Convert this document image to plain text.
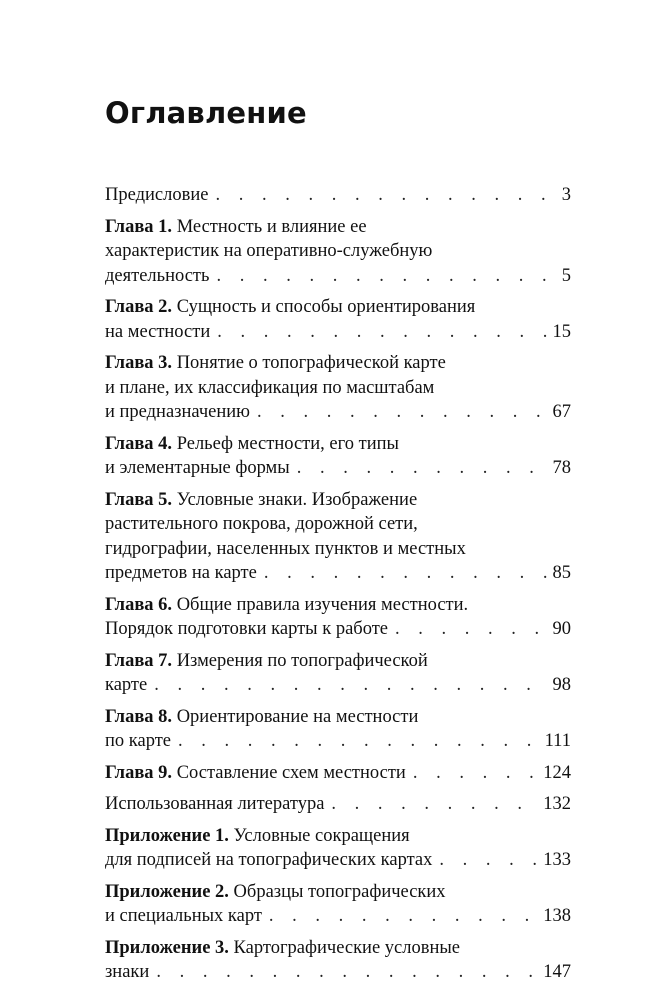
Оглавление
Предисловие . . .	3
Глава 1. Местность и влияние ее
характеристик на оперативно-служебную
деятельность . . .	5
Глава 2. Сущность и способы ориентирования
на местности . . .	15
Глава 3. Понятие о топографической карте
и плане, их классификация по масштабам
и предназначению . . .	67
Глава 4. Рельеф местности, его типы
и элементарные формы . . .	78
Глава 5. Условные знаки. Изображение
растительного покрова, дорожной сети,
гидрографии, населенных пунктов и местных
предметов на карте . . .	85
Глава 6. Общие правила изучения местности.
Порядок подготовки карты к работе . . .	90
Глава 7. Измерения по топографической
карте . . .	98
Глава 8. Ориентирование на местности
по карте . . .	111
Глава 9. Составление схем местности . . .	124
Использованная литература . . .	132
Приложение 1. Условные сокращения
для подписей на топографических картах . . .	133
Приложение 2. Образцы топографических
и специальных карт . . .	138
Приложение 3. Картографические условные
знаки . . .	147
